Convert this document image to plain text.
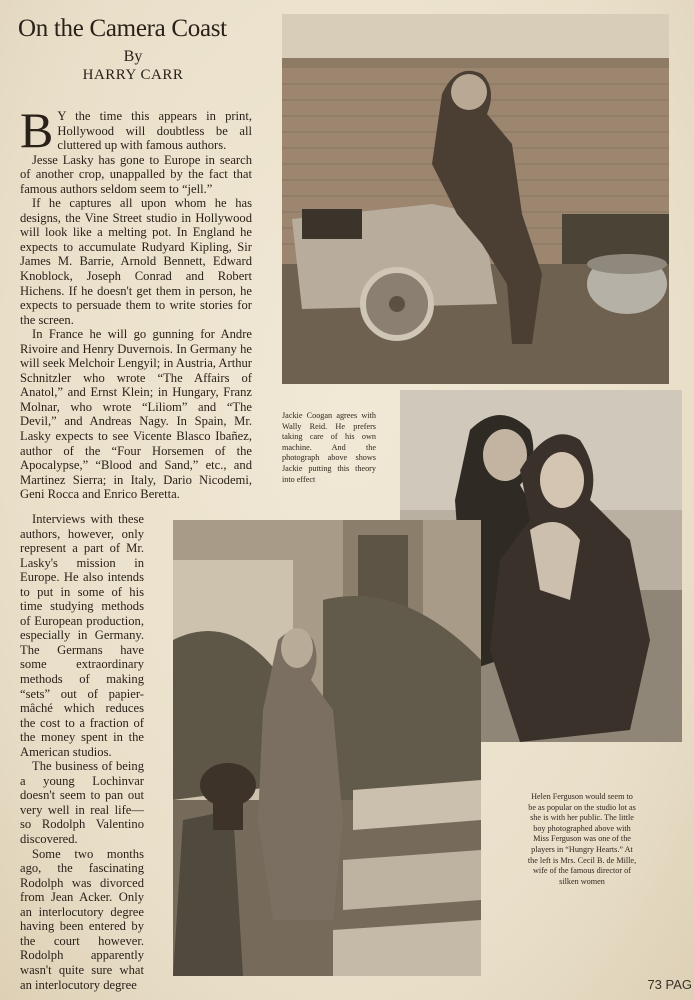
On the Camera Coast
By
HARRY CARR

B Y the time this appears in print, Hollywood will doubtless be all cluttered up with famous authors.

Jesse Lasky has gone to Europe in search of another crop, unappalled by the fact that famous authors seldom seem to “jell.”

If he captures all upon whom he has designs, the Vine Street studio in Hollywood will look like a melting pot. In England he expects to accumulate Rudyard Kipling, Sir James M. Barrie, Arnold Bennett, Edward Knoblock, Joseph Conrad and Robert Hichens. If he doesn't get them in person, he expects to persuade them to write stories for the screen.

In France he will go gunning for Andre Rivoire and Henry Duvernois. In Germany he will seek Melchoir Lengyil; in Austria, Arthur Schnitzler who wrote “The Affairs of Anatol,” and Ernst Klein; in Hungary, Franz Molnar, who wrote “Liliom” and “The Devil,” and Andreas Nagy. In Spain, Mr. Lasky expects to see Vicente Blasco Ibañez, author of the “Four Horsemen of the Apocalypse,” “Blood and Sand,” etc., and Martinez Sierra; in Italy, Dario Nicodemi, Geni Rocca and Enrico Beretta.

Interviews with these authors, however, only represent a part of Mr. Lasky's mission in Europe. He also intends to put in some of his time studying methods of European production, especially in Germany. The Germans have some extraordinary methods of making “sets” out of papier-mâché which reduces the cost to a fraction of the money spent in the American studios.

The business of being a young Lochinvar doesn't seem to pan out very well in real life—so Rodolph Valentino discovered.

Some two months ago, the fascinating Rodolph was divorced from Jean Acker. Only an interlocutory degree having been entered by the court however. Rodolph apparently wasn't quite sure what an interlocutory degree

Jackie Coogan agrees with Wally Reid. He prefers taking care of his own machine. And the photograph above shows Jackie putting this theory into effect
Helen Ferguson would seem to be as popular on the studio lot as she is with her public. The little boy photographed above with Miss Ferguson was one of the players in “Hungry Hearts.” At the left is Mrs. Cecil B. de Mille, wife of the famous director of silken women
73 PAG
